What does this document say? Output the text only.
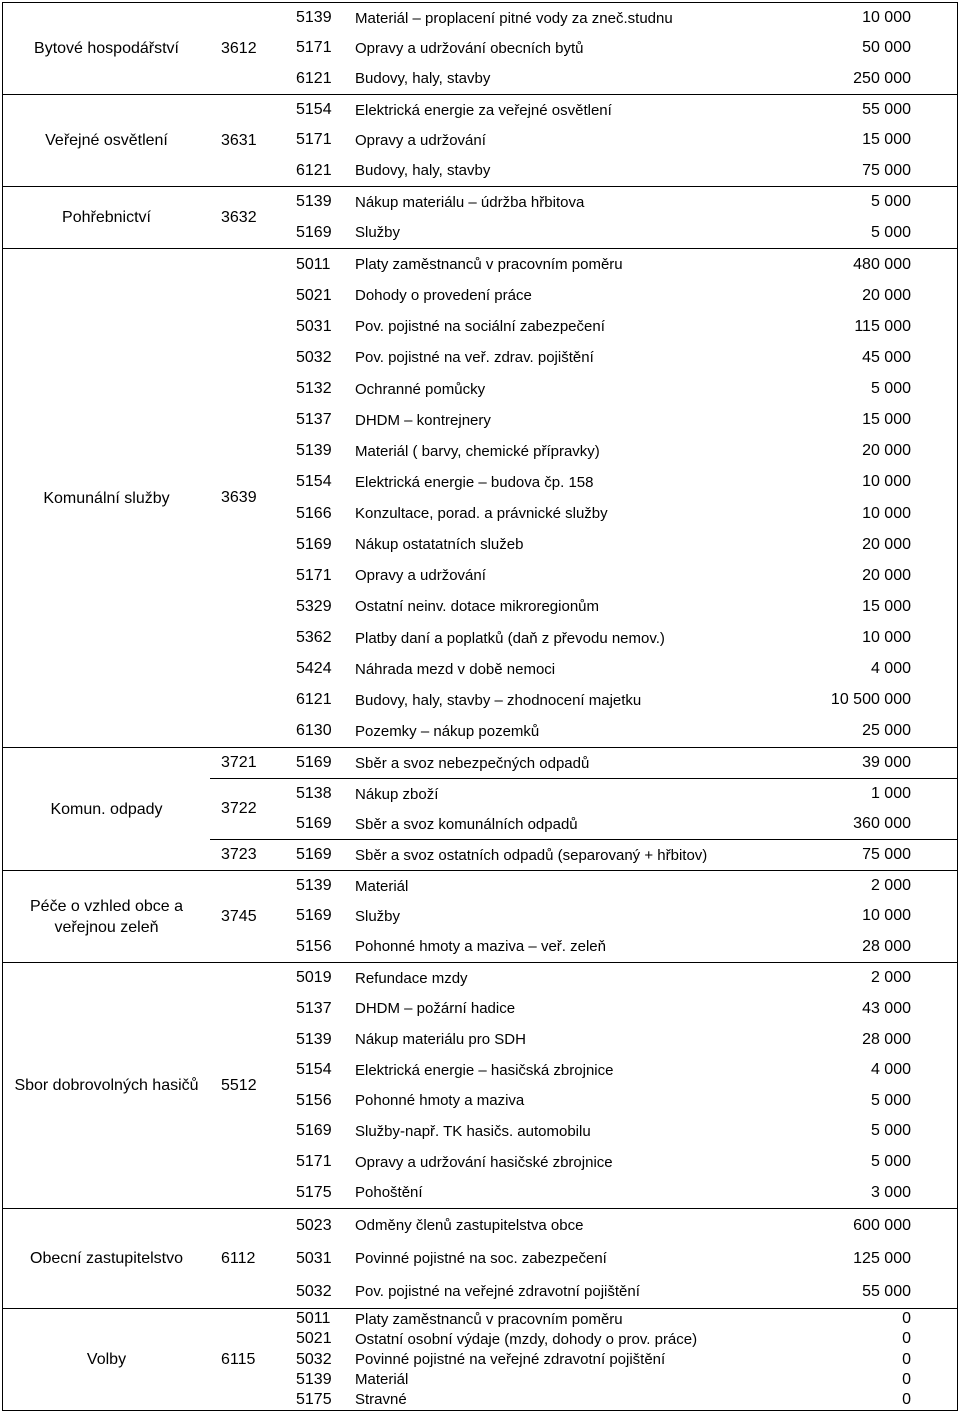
Bytové hospodářství	3612
5139	Materiál – proplacení pitné vody za zneč.studnu	10 000
5171	Opravy a udržování obecních bytů	50 000
6121	Budovy, haly, stavby	250 000
Veřejné osvětlení	3631
5154	Elektrická energie za veřejné osvětlení	55 000
5171	Opravy a udržování	15 000
6121	Budovy, haly, stavby	75 000
Pohřebnictví	3632
5139	Nákup materiálu – údržba hřbitova	5 000
5169	Služby	5 000
Komunální služby	3639
5011	Platy zaměstnanců v pracovním poměru	480 000
5021	Dohody o provedení práce	20 000
5031	Pov. pojistné na sociální zabezpečení	115 000
5032	Pov. pojistné na veř. zdrav. pojištění	45 000
5132	Ochranné pomůcky	5 000
5137	DHDM – kontrejnery	15 000
5139	Materiál ( barvy, chemické přípravky)	20 000
5154	Elektrická energie – budova čp. 158	10 000
5166	Konzultace, porad. a právnické služby	10 000
5169	Nákup ostatatních služeb	20 000
5171	Opravy a udržování	20 000
5329	Ostatní neinv. dotace mikroregionům	15 000
5362	Platby daní a poplatků (daň z převodu nemov.)	10 000
5424	Náhrada mezd v době nemoci	4 000
6121	Budovy, haly, stavby – zhodnocení majetku	10 500 000
6130	Pozemky – nákup pozemků	25 000
Komun. odpady
3721	5169	Sběr a svoz nebezpečných odpadů	39 000
3722
5138	Nákup zboží	1 000
5169	Sběr a svoz komunálních odpadů	360 000
3723	5169	Sběr a svoz ostatních odpadů (separovaný + hřbitov)	75 000
Péče o vzhled obce a veřejnou zeleň
3745
5139	Materiál	2 000
5169	Služby	10 000
5156	Pohonné hmoty a maziva – veř. zeleň	28 000
Sbor dobrovolných hasičů	5512
5019	Refundace mzdy	2 000
5137	DHDM – požární hadice	43 000
5139	Nákup materiálu pro SDH	28 000
5154	Elektrická energie – hasičská zbrojnice	4 000
5156	Pohonné hmoty a maziva	5 000
5169	Služby-např. TK hasičs. automobilu	5 000
5171	Opravy a udržování hasičské zbrojnice	5 000
5175	Pohoštění	3 000
Obecní zastupitelstvo	6112
5023	Odměny členů zastupitelstva obce	600 000
5031	Povinné pojistné na soc. zabezpečení	125 000
5032	Pov. pojistné na veřejné zdravotní pojištění	55 000
Volby	6115
5011	Platy zaměstnanců v pracovním poměru	0
5021	Ostatní osobní výdaje (mzdy, dohody o prov. práce)	0
5032	Povinné pojistné na veřejné zdravotní pojištění	0
5139	Materiál	0
5175	Stravné	0
